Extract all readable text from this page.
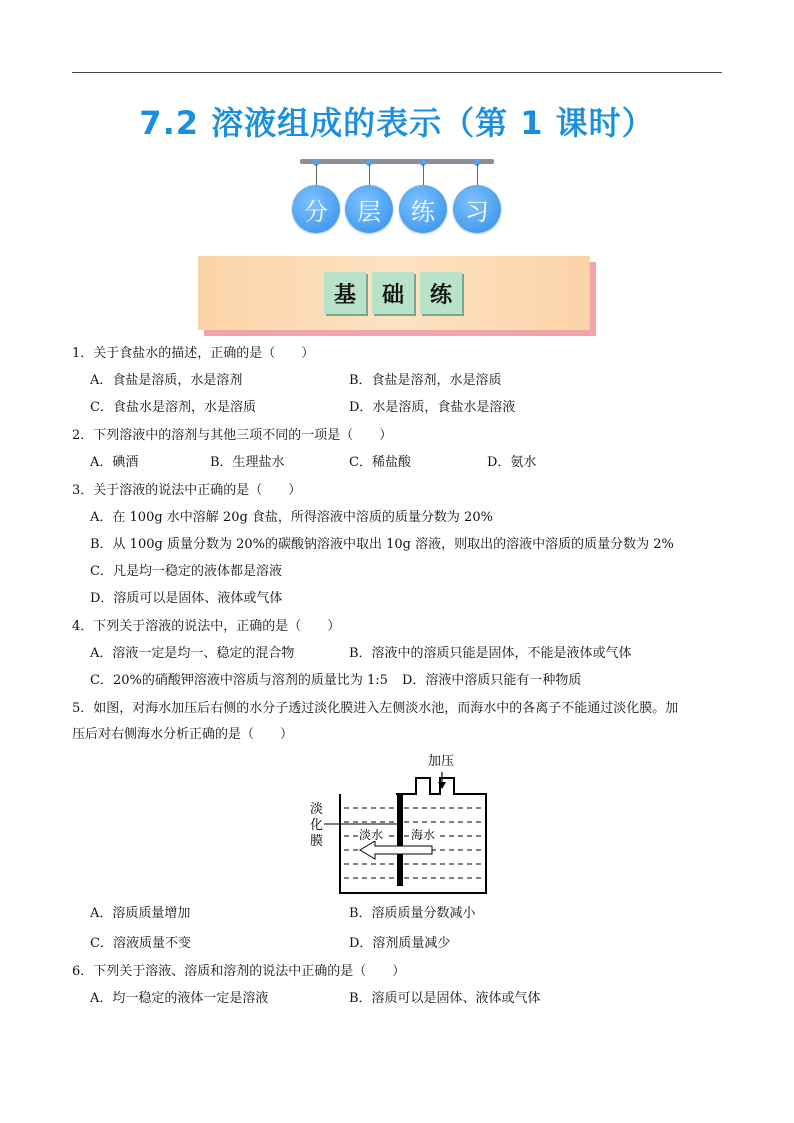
7.2 溶液组成的表示（第 1 课时）
分	层	练	习
基	础	练
1．关于食盐水的描述，正确的是（　　）
A．食盐是溶质，水是溶剂	B．食盐是溶剂，水是溶质
C．食盐水是溶剂，水是溶质	D．水是溶质，食盐水是溶液
2．下列溶液中的溶剂与其他三项不同的一项是（　　）
A．碘酒	B．生理盐水	C．稀盐酸	D．氨水
3．关于溶液的说法中正确的是（　　）
A．在 100g 水中溶解 20g 食盐，所得溶液中溶质的质量分数为 20%
B．从 100g 质量分数为 20%的碳酸钠溶液中取出 10g 溶液，则取出的溶液中溶质的质量分数为 2%
C．凡是均一稳定的液体都是溶液
D．溶质可以是固体、液体或气体
4．下列关于溶液的说法中，正确的是（　　）
A．溶液一定是均一、稳定的混合物	B．溶液中的溶质只能是固体，不能是液体或气体
C．20%的硝酸钾溶液中溶质与溶剂的质量比为 1:5 D．溶液中溶质只能有一种物质
5．如图，对海水加压后右侧的水分子透过淡化膜进入左侧淡水池，而海水中的各离子不能通过淡化膜。加
压后对右侧海水分析正确的是（　　）
加压
淡
化
膜	淡水 海水
A．溶质质量增加	B．溶质质量分数减小
C．溶液质量不变	D．溶剂质量减少
6．下列关于溶液、溶质和溶剂的说法中正确的是（　　）
A．均一稳定的液体一定是溶液	B．溶质可以是固体、液体或气体
